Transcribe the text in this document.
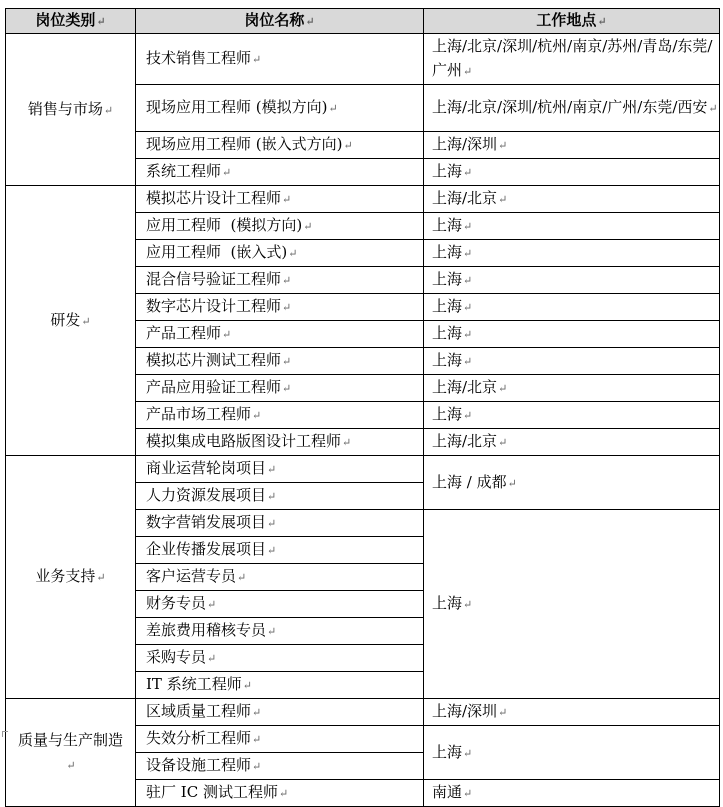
岗位类别↵	岗位名称↵	工作地点↵
销售与市场↵	技术销售工程师↵	上海/北京/深圳/杭州/南京/苏州/青岛/东莞/广州↵
	现场应用工程师 (模拟方向)↵	上海/北京/深圳/杭州/南京/广州/东莞/西安↵
	现场应用工程师 (嵌入式方向)↵	上海/深圳↵
	系统工程师↵	上海↵
研发↵	模拟芯片设计工程师↵	上海/北京↵
	应用工程师  (模拟方向)↵	上海↵
	应用工程师  (嵌入式)↵	上海↵
	混合信号验证工程师↵	上海↵
	数字芯片设计工程师↵	上海↵
	产品工程师↵	上海↵
	模拟芯片测试工程师↵	上海↵
	产品应用验证工程师↵	上海/北京↵
	产品市场工程师↵	上海↵
	模拟集成电路版图设计工程师↵	上海/北京↵
业务支持↵	商业运营轮岗项目↵	上海 / 成都↵
	人力资源发展项目↵	
	数字营销发展项目↵	上海↵
	企业传播发展项目↵	
	客户运营专员↵	
	财务专员↵	
	差旅费用稽核专员↵	
	采购专员↵	
	IT 系统工程师↵	
质量与生产制造↵	区域质量工程师↵	上海/深圳↵
	失效分析工程师↵	上海↵
	设备设施工程师↵	
	驻厂 IC 测试工程师↵	南通↵
